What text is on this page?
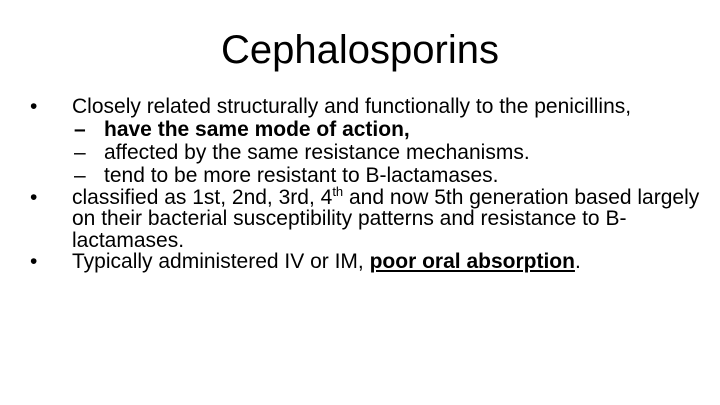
Cephalosporins
•	Closely related structurally and functionally to the penicillins,
– have the same mode of action,
– affected by the same resistance mechanisms.
– tend to be more resistant to B-lactamases.
•	classified as 1st, 2nd, 3rd, 4th and now 5th generation based largely on their bacterial susceptibility patterns and resistance to B-lactamases.
•	Typically administered IV or IM, poor oral absorption.
